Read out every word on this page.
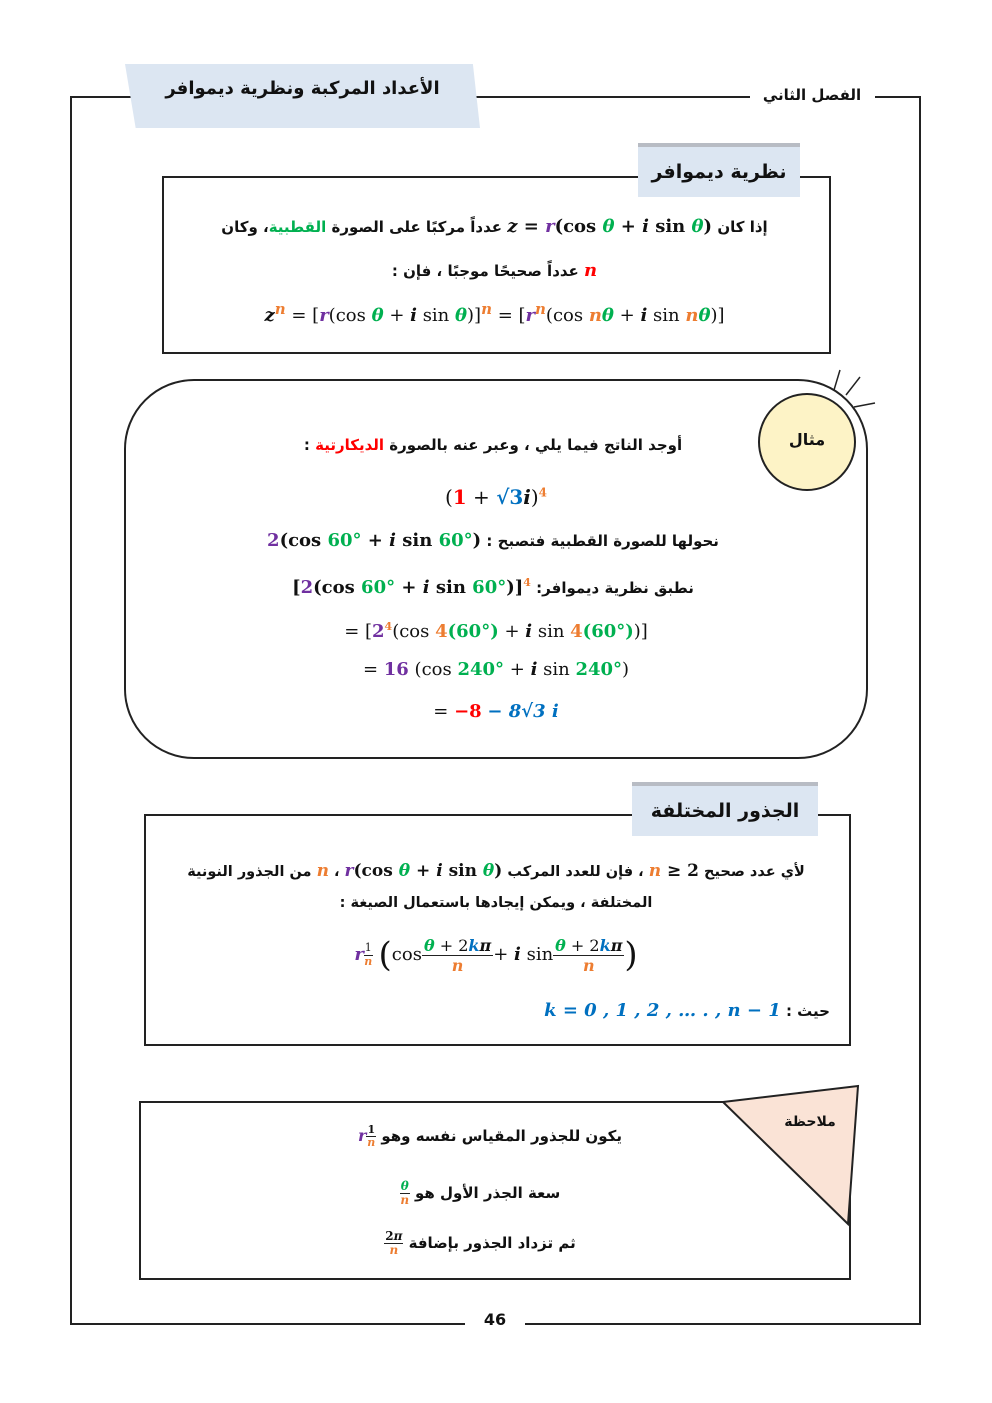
46
الأعداد المركبة ونظرية ديموافر	الفصل الثاني
نظرية ديموافر
إذا كان z = r(cos θ + i sin θ) عدداً مركبًا على الصورة القطبية، وكان
n عدداً صحيحًا موجبًا ، فإن :
$z^n = [r(\cos$ θ + i $\sin \theta)]^n = [r^n(\cos$ nθ + i sin nθ)]
مثال
أوجد الناتج فيما يلي ، وعبر عنه بالصورة الديكارتية :
$(1 + √3i)^4$
نحولها للصورة القطبية فتصبح : 2(cos 60° + i sin 60°)
نطبق نظرية ديموافر: [2(cos 60° + i sin 60°)]$^4$
= [$2^4(\cos$ 4(60°) + i sin 4(60°))]
= 16 (cos 240° + i sin 240°)
= −8 − 8√3 i
الجذور المختلفة
لأي عدد صحيح n ≥ 2 ، فإن للعدد المركب r(cos θ + i sin θ) ، n من الجذور النونية
المختلفة ، ويمكن إيجادها باستعمال الصيغة :
r $\frac{1}{n} (\cos \frac{\theta + 2k\pi}{n} + i$ $\sin \frac{\theta + 2k\pi}{n}$ )
حيث : k = 0 , 1 , 2 , … . , n − 1
ملاحظة
يكون للجذور المقياس نفسه وهو r $\frac{1}{n}$
سعة الجذر الأول هو
$\frac{\theta}{n}$
ثم تزداد الجذور بإضافة
$\frac{2\pi}{n}$
